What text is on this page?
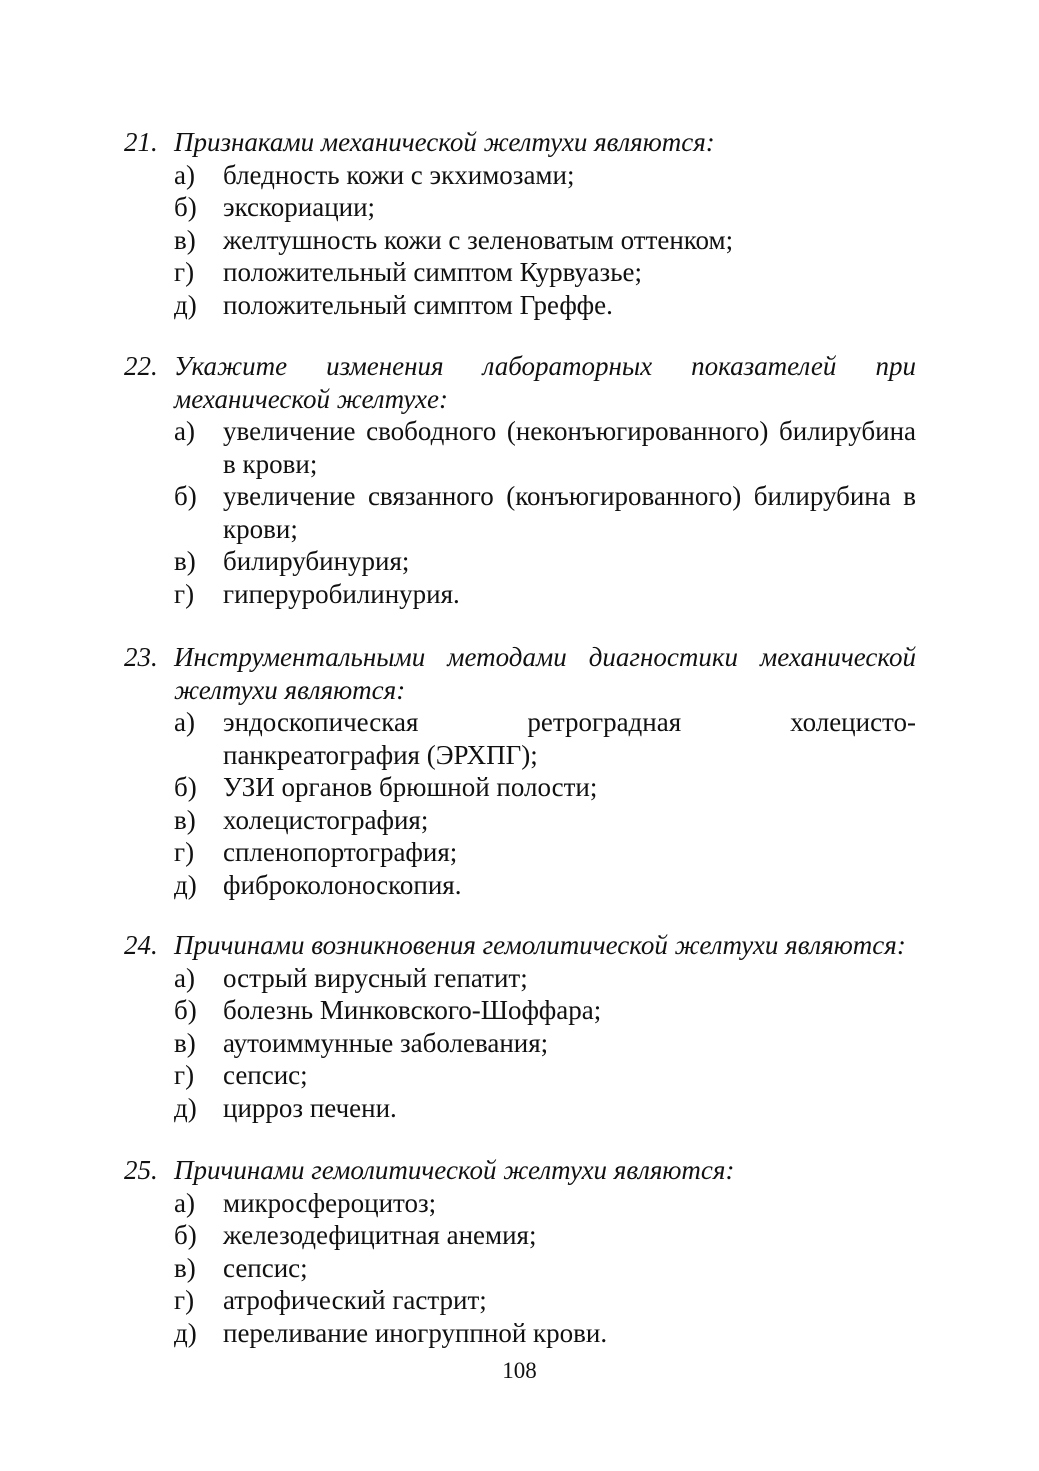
21. Признаками механической желтухи являются:
а)	бледность кожи с экхимозами;
б) экскориации;
в)	желтушность кожи с зеленоватым оттенком;
г)	положительный симптом Курвуазье;
д) положительный симптом Греффе.
22. Укажите изменения лабораторных показателей при механической желтухе:
а)	увеличение свободного (неконъюгированного) билирубина в крови;
б) увеличение связанного (конъюгированного) билирубина в крови;
в)	билирубинурия;
г)	гиперуробилинурия.
23. Инструментальными методами диагностики механической желтухи являются:
а)	эндоскопическая ретроградная холецисто-
панкреатография (ЭРХПГ);
б) УЗИ органов брюшной полости;
в)	холецистография;
г)	спленопортография;
д) фиброколоноскопия.
24. Причинами возникновения гемолитической желтухи являются:
а)	острый вирусный гепатит;
б) болезнь Минковского-Шоффара;
в)	аутоиммунные заболевания;
г)	сепсис;
д) цирроз печени.
25. Причинами гемолитической желтухи являются:
а)	микросфероцитоз;
б) железодефицитная анемия;
в)	сепсис;
г)	атрофический гастрит;
д) переливание иногруппной крови.
108
